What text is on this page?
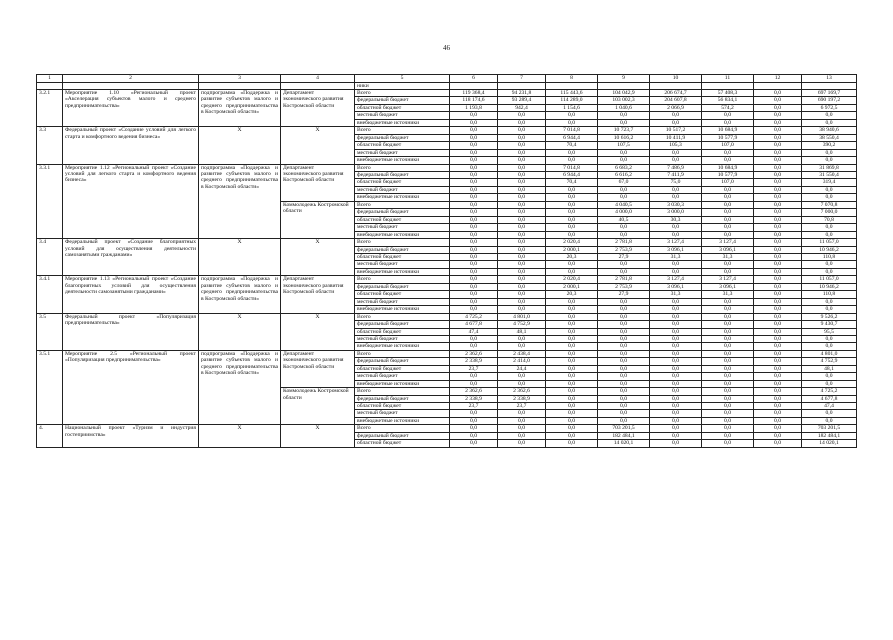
46
1	2	3	4	5	6	7	8	9	10	11	12	13
				ники								
3.2.1	Мероприятие 1.10 «Региональный проект «Акселерация субъектов малого и среднего предпринимательства»	подпрограмма «Поддержка и развитие субъектов малого и среднего предпринимательства в Костромской области»	Департамент экономического развития Костромской области	Всего	119 368,4	94 231,8	115 443,6	104 042,9	206 674,7	57 408,3	0,0	697 169,7
				федеральный бюджет	118 174,6	93 289,4	114 289,0	103 002,3	204 607,8	56 834,1	0,0	690 197,2
				областной бюджет	1 193,8	942,4	1 154,6	1 040,6	2 066,9	574,2	0,0	6 972,5
				местный бюджет	0,0	0,0	0,0	0,0	0,0	0,0	0,0	0,0
				внебюджетные источники	0,0	0,0	0,0	0,0	0,0	0,0	0,0	0,0
3.3	Федеральный проект «Создание условий для легкого старта и комфортного ведения бизнеса»	Х	Х	Всего	0,0	0,0	7 014,8	10 723,7	10 517,2	10 684,9	0,0	38 940,6
				федеральный бюджет	0,0	0,0	6 944,4	10 616,2	10 411,9	10 577,9	0,0	38 550,4
				областной бюджет	0,0	0,0	70,4	107,5	105,3	107,0	0,0	390,2
				местный бюджет	0,0	0,0	0,0	0,0	0,0	0,0	0,0	0,0
				внебюджетные источники	0,0	0,0	0,0	0,0	0,0	0,0	0,0	0,0
3.3.1	Мероприятие 1.12 «Региональный проект «Создание условий для легкого старта и комфортного ведения бизнеса»	подпрограмма «Поддержка и развитие субъектов малого и среднего предпринимательства в Костромской области»	Департамент экономического развития Костромской области	Всего	0,0	0,0	7 014,8	6 683,2	7 486,9	10 684,9	0,0	31 869,8
				федеральный бюджет	0,0	0,0	6 944,4	6 616,2	7 411,9	10 577,9	0,0	31 550,4
				областной бюджет	0,0	0,0	70,4	67,0	75,0	107,0	0,0	319,4
				местный бюджет	0,0	0,0	0,0	0,0	0,0	0,0	0,0	0,0
				внебюджетные источники	0,0	0,0	0,0	0,0	0,0	0,0	0,0	0,0
			Коммолодежь Костромской области	Всего	0,0	0,0	0,0	4 040,5	3 030,3	0,0	0,0	7 070,8
				федеральный бюджет	0,0	0,0	0,0	4 000,0	3 000,0	0,0	0,0	7 000,0
				областной бюджет	0,0	0,0	0,0	40,5	30,3	0,0	0,0	70,8
				местный бюджет	0,0	0,0	0,0	0,0	0,0	0,0	0,0	0,0
				внебюджетные источники	0,0	0,0	0,0	0,0	0,0	0,0	0,0	0,0
3.4	Федеральный проект «Создание благоприятных условий для осуществления деятельности самозанятыми гражданами»	Х	Х	Всего	0,0	0,0	2 020,4	2 781,8	3 127,4	3 127,4	0,0	11 057,0
				федеральный бюджет	0,0	0,0	2 000,1	2 753,9	3 096,1	3 096,1	0,0	10 946,2
				областной бюджет	0,0	0,0	20,3	27,9	31,3	31,3	0,0	110,8
				местный бюджет	0,0	0,0	0,0	0,0	0,0	0,0	0,0	0,0
				внебюджетные источники	0,0	0,0	0,0	0,0	0,0	0,0	0,0	0,0
3.4.1	Мероприятие 1.13 «Региональный проект «Создание благоприятных условий для осуществления деятельности самозанятыми гражданами»	подпрограмма «Поддержка и развитие субъектов малого и среднего предпринимательства в Костромской области»	Департамент экономического развития Костромской области	Всего	0,0	0,0	2 020,4	2 781,8	3 127,4	3 127,4	0,0	11 057,0
				федеральный бюджет	0,0	0,0	2 000,1	2 753,9	3 096,1	3 096,1	0,0	10 946,2
				областной бюджет	0,0	0,0	20,3	27,9	31,3	31,3	0,0	110,8
				местный бюджет	0,0	0,0	0,0	0,0	0,0	0,0	0,0	0,0
				внебюджетные источники	0,0	0,0	0,0	0,0	0,0	0,0	0,0	0,0
3.5	Федеральный проект «Популяризация предпринимательства»	Х	Х	Всего	4 725,2	4 801,0	0,0	0,0	0,0	0,0	0,0	9 526,2
				федеральный бюджет	4 677,8	4 752,9	0,0	0,0	0,0	0,0	0,0	9 430,7
				областной бюджет	47,4	48,1	0,0	0,0	0,0	0,0	0,0	95,5
				местный бюджет	0,0	0,0	0,0	0,0	0,0	0,0	0,0	0,0
				внебюджетные источники	0,0	0,0	0,0	0,0	0,0	0,0	0,0	0,0
3.5.1	Мероприятие 2.5 «Региональный проект «Популяризация предпринимательства»	подпрограмма «Поддержка и развитие субъектов малого и среднего предпринимательства в Костромской области»	Департамент экономического развития Костромской области	Всего	2 362,6	2 438,4	0,0	0,0	0,0	0,0	0,0	4 801,0
				федеральный бюджет	2 338,9	2 414,0	0,0	0,0	0,0	0,0	0,0	4 752,9
				областной бюджет	23,7	24,4	0,0	0,0	0,0	0,0	0,0	48,1
				местный бюджет	0,0	0,0	0,0	0,0	0,0	0,0	0,0	0,0
				внебюджетные источники	0,0	0,0	0,0	0,0	0,0	0,0	0,0	0,0
			Коммолодежь Костромской области	Всего	2 362,6	2 362,6	0,0	0,0	0,0	0,0	0,0	4 725,2
				федеральный бюджет	2 338,9	2 338,9	0,0	0,0	0,0	0,0	0,0	4 677,8
				областной бюджет	23,7	23,7	0,0	0,0	0,0	0,0	0,0	47,4
				местный бюджет	0,0	0,0	0,0	0,0	0,0	0,0	0,0	0,0
				внебюджетные источники	0,0	0,0	0,0	0,0	0,0	0,0	0,0	0,0
4.	Национальный проект «Туризм и индустрия гостеприимства»	Х	Х	Всего	0,0	0,0	0,0	703 201,5	0,0	0,0	0,0	703 201,5
				федеральный бюджет	0,0	0,0	0,0	182 484,1	0,0	0,0	0,0	182 484,1
				областной бюджет	0,0	0,0	0,0	14 020,1	0,0	0,0	0,0	14 020,1
